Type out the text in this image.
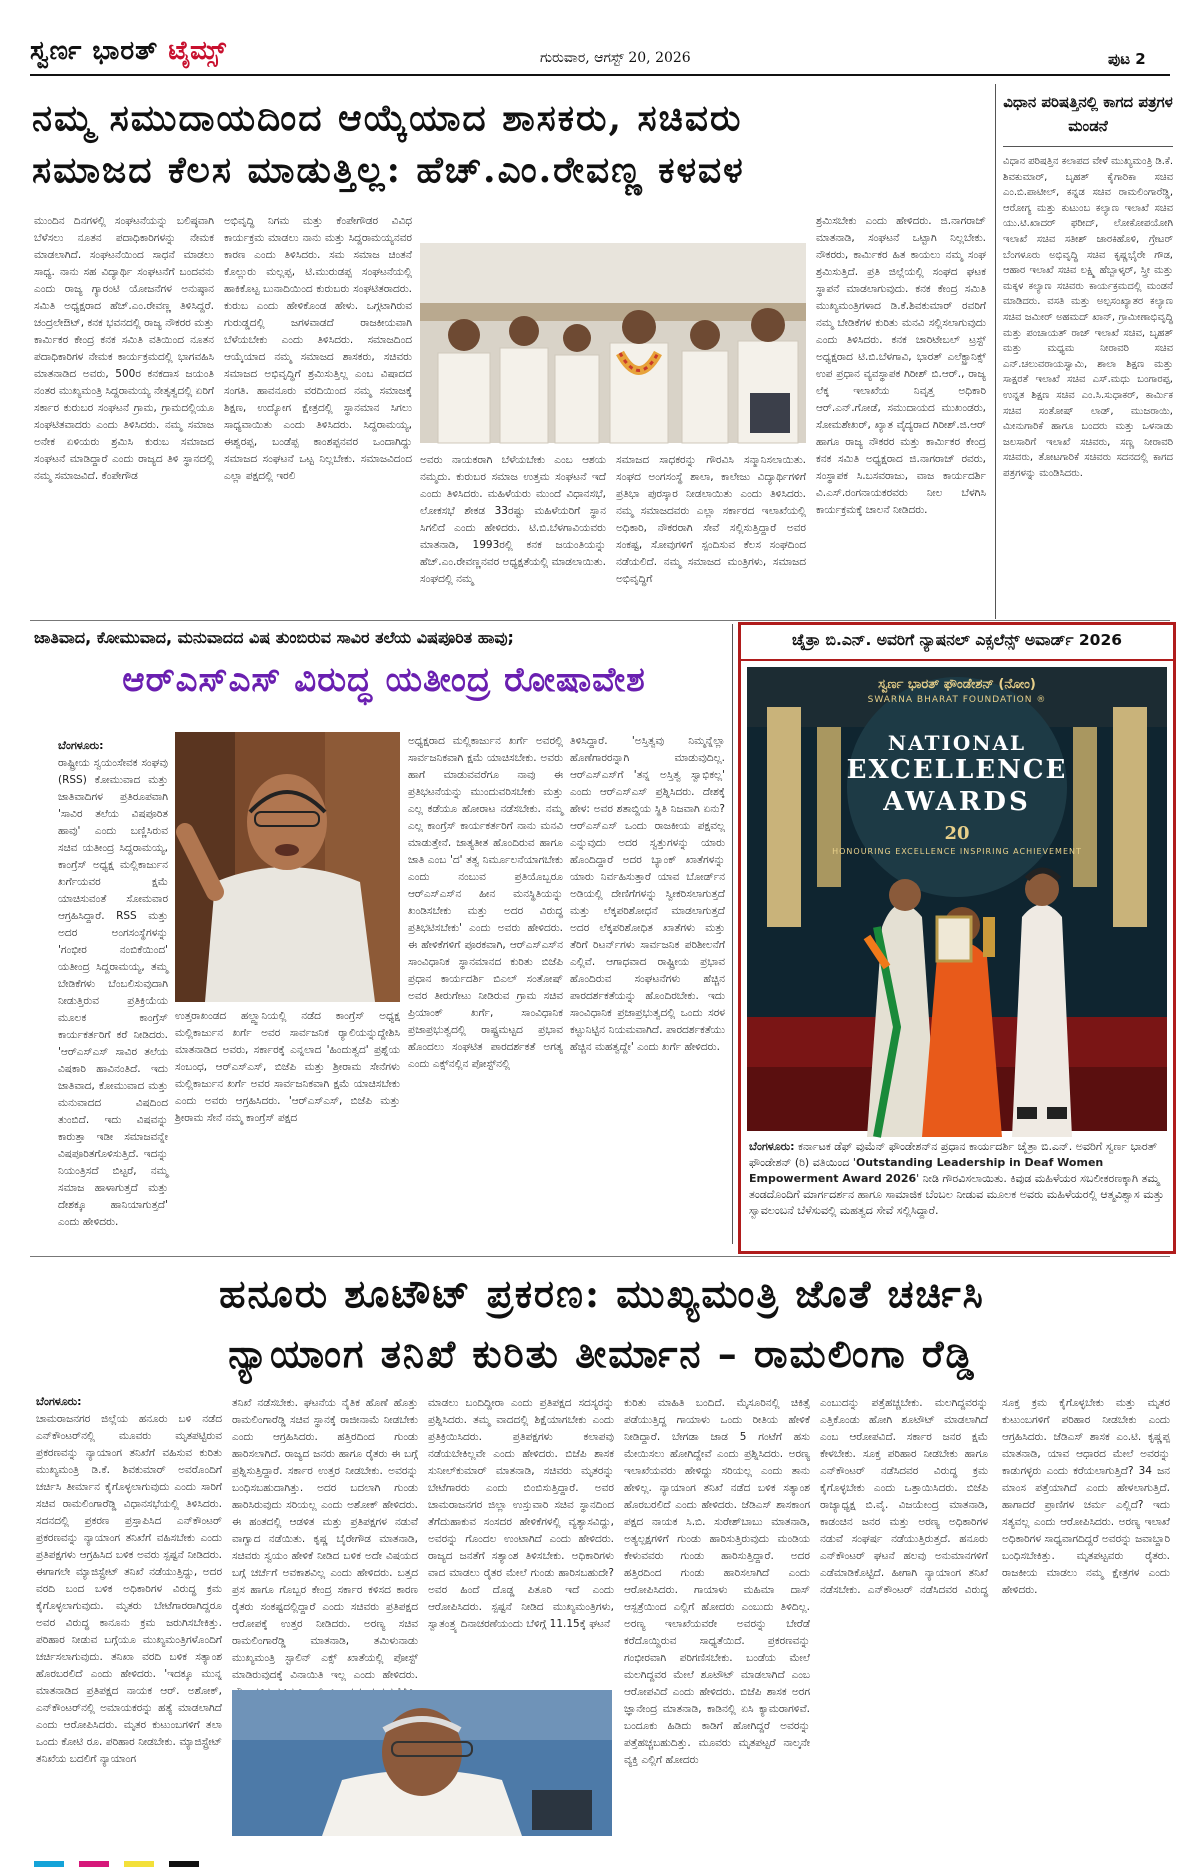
ಸ್ವರ್ಣ ಭಾರತ್ ಟೈಮ್ಸ್	ಗುರುವಾರ, ಆಗಸ್ಟ್ 20, 2026	ಪುಟ 2
ನಮ್ಮ ಸಮುದಾಯದಿಂದ ಆಯ್ಕೆಯಾದ ಶಾಸಕರು, ಸಚಿವರು
ಸಮಾಜದ ಕೆಲಸ ಮಾಡುತ್ತಿಲ್ಲ: ಹೆಚ್.ಎಂ.ರೇವಣ್ಣ ಕಳವಳ
ವಿಧಾನ ಪರಿಷತ್ತಿನಲ್ಲಿ ಕಾಗದ ಪತ್ರಗಳ ಮಂಡನೆ
ವಿಧಾನ ಪರಿಷತ್ತಿನ ಕಲಾಪದ ವೇಳೆ ಮುಖ್ಯಮಂತ್ರಿ ಡಿ.ಕೆ. ಶಿವಕುಮಾರ್, ಬೃಹತ್ ಕೈಗಾರಿಕಾ ಸಚಿವ ಎಂ.ಬಿ.ಪಾಟೀಲ್, ಕನ್ನಡ ಸಚಿವ ರಾಮಲಿಂಗಾರೆಡ್ಡಿ, ಆರೋಗ್ಯ ಮತ್ತು ಕುಟುಂಬ ಕಲ್ಯಾಣ ಇಲಾಖೆ ಸಚಿವ ಯು.ಟಿ.ಖಾದರ್ ಫರೀದ್, ಲೋಕೋಪಯೋಗಿ ಇಲಾಖೆ ಸಚಿವ ಸತೀಶ್ ಜಾರಕಿಹೊಳಿ, ಗ್ರೇಟರ್ ಬೆಂಗಳೂರು ಅಭಿವೃದ್ಧಿ ಸಚಿವ ಕೃಷ್ಣಭೈರೇ ಗೌಡ, ಆಹಾರ ಇಲಾಖೆ ಸಚಿವ ಲಕ್ಷ್ಮಿ ಹೆಬ್ಬಾಳ್ಕರ್, ಸ್ತ್ರೀ ಮತ್ತು ಮಕ್ಕಳ ಕಲ್ಯಾಣ ಸಚಿವರು ಕಾರ್ಯಕ್ರಮದಲ್ಲಿ ಮಂಡನೆ ಮಾಡಿದರು. ವಸತಿ ಮತ್ತು ಅಲ್ಪಸಂಖ್ಯಾತರ ಕಲ್ಯಾಣ ಸಚಿವ ಜಮೀರ್ ಅಹಮದ್ ಖಾನ್, ಗ್ರಾಮೀಣಾಭಿವೃದ್ಧಿ ಮತ್ತು ಪಂಚಾಯತ್ ರಾಜ್ ಇಲಾಖೆ ಸಚಿವ, ಬೃಹತ್ ಮತ್ತು ಮಧ್ಯಮ ನೀರಾವರಿ ಸಚಿವ ಎನ್.ಚಲುವರಾಯಸ್ವಾಮಿ, ಶಾಲಾ ಶಿಕ್ಷಣ ಮತ್ತು ಸಾಕ್ಷರತೆ ಇಲಾಖೆ ಸಚಿವ ಎಸ್.ಮಧು ಬಂಗಾರಪ್ಪ, ಉನ್ನತ ಶಿಕ್ಷಣ ಸಚಿವ ಎಂ.ಸಿ.ಸುಧಾಕರ್, ಕಾರ್ಮಿಕ ಸಚಿವ ಸಂತೋಷ್ ಲಾಡ್, ಮುಜರಾಯಿ, ಮೀನುಗಾರಿಕೆ ಹಾಗೂ ಬಂದರು ಮತ್ತು ಒಳನಾಡು ಜಲಸಾರಿಗೆ ಇಲಾಖೆ ಸಚಿವರು, ಸಣ್ಣ ನೀರಾವರಿ ಸಚಿವರು, ತೋಟಗಾರಿಕೆ ಸಚಿವರು ಸದನದಲ್ಲಿ ಕಾಗದ ಪತ್ರಗಳನ್ನು ಮಂಡಿಸಿದರು.
ಮುಂದಿನ ದಿನಗಳಲ್ಲಿ ಸಂಘಟನೆಯನ್ನು ಬಲಿಷ್ಠವಾಗಿ ಬೆಳೆಸಲು ನೂತನ ಪದಾಧಿಕಾರಿಗಳನ್ನು ನೇಮಕ ಮಾಡಲಾಗಿದೆ. ಸಂಘಟನೆಯಿಂದ ಸಾಧನೆ ಮಾಡಲು ಸಾಧ್ಯ. ನಾನು ಸಹ ವಿದ್ಯಾರ್ಥಿ ಸಂಘಟನೆಗೆ ಬಂದವನು ಎಂದು ರಾಜ್ಯ ಗ್ಯಾರಂಟಿ ಯೋಜನೆಗಳ ಅನುಷ್ಠಾನ ಸಮಿತಿ ಅಧ್ಯಕ್ಷರಾದ ಹೆಚ್.ಎಂ.ರೇವಣ್ಣ ತಿಳಿಸಿದ್ದರೆ. ಚಂದ್ರಲೇಔಟ್, ಕನಕ ಭವನದಲ್ಲಿ ರಾಜ್ಯ ನೌಕರರ ಮತ್ತು ಕಾರ್ಮಿಕರ ಕೇಂದ್ರ ಕನಕ ಸಮಿತಿ ವತಿಯಿಂದ ನೂತನ ಪದಾಧಿಕಾರಿಗಳ ನೇಮಕ ಕಾರ್ಯಕ್ರಮದಲ್ಲಿ ಭಾಗವಹಿಸಿ ಮಾತನಾಡಿದ ಅವರು, 500ರ ಕನಕದಾಸ ಜಯಂತಿ ನಂತರ ಮುಖ್ಯಮಂತ್ರಿ ಸಿದ್ದರಾಮಯ್ಯ ನೇತೃತ್ವದಲ್ಲಿ ಏರಿಗೆ ಸರ್ಕಾರ ಕುರುಬರ ಸಂಘಟನೆ ಗ್ರಾಮ, ಗ್ರಾಮದಲ್ಲಿಯೂ ಸಂಘಟಿತವಾದರು ಎಂದು ತಿಳಿಸಿದರು. ನಮ್ಮ ಸಮಾಜ ಅನೇಕ ಏಳಿಯರು ಶ್ರಮಿಸಿ ಕುರುಬ ಸಮಾಜದ ಸಂಘಟನೆ ಮಾಡಿದ್ದಾರೆ ಎಂದು ರಾಜ್ಯದ ತಿಳಿ ಸ್ಥಾನದಲ್ಲಿ ನಮ್ಮ ಸಮಾಜವಿದೆ. ಕೆಂಪೇಗೌಡ
ಅಭಿವೃದ್ಧಿ ನಿಗಮ ಮತ್ತು ಕೆಂಪೇಗೌಡರ ವಿವಿಧ ಕಾರ್ಯಕ್ರಮ ಮಾಡಲು ನಾನು ಮತ್ತು ಸಿದ್ದರಾಮಯ್ಯನವರ ಕಾರಣ ಎಂದು ತಿಳಿಸಿದರು. ಸಮ ಸಮಾಜ ಚಿಂತನೆ ಕೊಲ್ಲುರು ಮಲ್ಲಪ್ಪ, ಟಿ.ಮುರುಡಪ್ಪ ಸಂಘಟನೆಯಲ್ಲಿ ಹಾಕಿಕೊಟ್ಟ ಬುನಾದಿಯಿಂದ ಕುರುಬರು ಸಂಘಟಿತರಾದರು. ಕುರುಬ ಎಂದು ಹೇಳಿಕೊಂಡ ಹೇಳು. ಒಗ್ಗಟಾಗಿರುವ ಗುರುಡ್ಡದಲ್ಲಿ ಜಗಳವಾಡದೆ ರಾಜಕೀಯವಾಗಿ ಬೆಳೆಯಬೇಕು ಎಂದು ತಿಳಿಸಿದರು. ಸಮಾಜದಿಂದ ಆಯ್ಕೆಯಾದ ನಮ್ಮ ಸಮಾಜದ ಶಾಸಕರು, ಸಚಿವರು ಸಮಾಜದ ಅಭಿವೃದ್ಧಿಗೆ ಶ್ರಮಿಸುತ್ತಿಲ್ಲ ಎಂಬ ವಿಷಾದದ ಸಂಗತಿ. ಹಾವನೂರು ವರದಿಯಿಂದ ನಮ್ಮ ಸಮಾಜಕ್ಕೆ ಶಿಕ್ಷಣ, ಉದ್ಯೋಗ ಕ್ಷೇತ್ರದಲ್ಲಿ ಸ್ಥಾನಮಾನ ಸಿಗಲು ಸಾಧ್ಯವಾಯಿತು ಎಂದು ತಿಳಿಸಿದರು. ಸಿದ್ದರಾಮಯ್ಯ, ಈಶ್ವರಪ್ಪ, ಬಂಡೆಪ್ಪ ಕಾಂಶಪ್ಪನವರ ಒಂದಾಗಿದ್ದು ಸಮಾಜದ ಸಂಘಟನೆ ಒಟ್ಟ ನಿಲ್ಲಬೇಕು. ಸಮಾಜವಿದಂದ ಎಲ್ಲಾ ಪಕ್ಷದಲ್ಲಿ ಇರಲಿ
ಅವರು ನಾಯಕರಾಗಿ ಬೆಳೆಯಬೇಕು ಎಂಬ ಆಶಯ ನಮ್ಮದು. ಕುರುಬರ ಸಮಾಜ ಉತ್ತಮ ಸಂಘಟನೆ ಇದೆ ಎಂದು ತಿಳಿಸಿದರು. ಮಹಿಳೆಯರು ಮುಂದೆ ವಿಧಾನಸಭೆ, ಲೋಕಸಭೆ ಶೇಕಡ 33ರಷ್ಟು ಮಹಿಳೆಯರಿಗೆ ಸ್ಥಾನ ಸಿಗಲಿದೆ ಎಂದು ಹೇಳಿದರು. ಟಿ.ಬಿ.ಬೆಳಗಾವಿಯವರು ಮಾತನಾಡಿ, 1993ರಲ್ಲಿ ಕನಕ ಜಯಂತಿಯನ್ನು ಹೆಚ್.ಎಂ.ರೇವಣ್ಣನವರ ಅಧ್ಯಕ್ಷತೆಯಲ್ಲಿ ಮಾಡಲಾಯಿತು. ಸಂಘದಲ್ಲಿ ನಮ್ಮ
ಸಮಾಜದ ಸಾಧಕರನ್ನು ಗೌರವಿಸಿ ಸನ್ಮಾನಿಸಲಾಯಿತು. ಸಂಘದ ಅಂಗಸಂಸ್ಥೆ ಶಾಲಾ, ಕಾಲೇಜು ವಿದ್ಯಾರ್ಥಿಗಳಿಗೆ ಪ್ರತಿಭಾ ಪುರಸ್ಕಾರ ನೀಡಲಾಯಿತು ಎಂದು ತಿಳಿಸಿದರು. ನಮ್ಮ ಸಮಾಜದವರು ಎಲ್ಲಾ ಸರ್ಕಾರದ ಇಲಾಖೆಯಲ್ಲಿ ಅಧಿಕಾರಿ, ನೌಕರರಾಗಿ ಸೇವೆ ಸಲ್ಲಿಸುತ್ತಿದ್ದಾರೆ ಅವರ ಸಂಕಷ್ಟ, ಸೋವುಗಳಿಗೆ ಸ್ಪಂದಿಸುವ ಕೆಲಸ ಸಂಘದಿಂದ ನಡೆಯಲಿದೆ. ನಮ್ಮ ಸಮಾಜದ ಮಂತ್ರಿಗಳು, ಸಮಾಜದ ಅಭಿವೃದ್ಧಿಗೆ
ಶ್ರಮಿಸಬೇಕು ಎಂದು ಹೇಳಿದರು. ಜಿ.ನಾಗರಾಜ್ ಮಾತನಾಡಿ, ಸಂಘಟನೆ ಒಟ್ಟಾಗಿ ನಿಲ್ಲಬೇಕು. ನೌಕರರು, ಕಾರ್ಮಿಕರ ಹಿತ ಕಾಯಲು ನಮ್ಮ ಸಂಘ ಶ್ರಮಿಸುತ್ತಿದೆ. ಪ್ರತಿ ಜಿಲ್ಲೆಯಲ್ಲಿ ಸಂಘದ ಘಟಕ ಸ್ಥಾಪನೆ ಮಾಡಲಾಗುವುದು. ಕನಕ ಕೇಂದ್ರ ಸಮಿತಿ ಮುಖ್ಯಮಂತ್ರಿಗಳಾದ ಡಿ.ಕೆ.ಶಿವಕುಮಾರ್ ರವರಿಗೆ ನಮ್ಮ ಬೇಡಿಕೆಗಳ ಕುರಿತು ಮನವಿ ಸಲ್ಲಿಸಲಾಗುವುದು ಎಂದು ತಿಳಿಸಿದರು. ಕನಕ ಚಾರಿಟೇಬಲ್ ಟ್ರಸ್ಟ್ ಅಧ್ಯಕ್ಷರಾದ ಟಿ.ಬಿ.ಬೆಳಗಾವಿ, ಭಾರತ್ ಎಲೆಕ್ಟ್ರಾನಿಕ್ಸ್ ಉಪ ಪ್ರಧಾನ ವ್ಯವಸ್ಥಾಪಕ ಗಿರೀಶ್ ಬಿ.ಆರ್., ರಾಜ್ಯ ಲೆಕ್ಕ ಇಲಾಖೆಯ ನಿವೃತ್ತ ಅಧಿಕಾರಿ ಆರ್.ಎನ್.ಗೋಡೆ, ಸಮುದಾಯದ ಮುಖಂಡರು, ಸೋಮಶೇಖರ್, ಖ್ಯಾತ ವೈದ್ಯರಾದ ಗಿರೀಶ್.ಜಿ.ಆರ್ ಹಾಗೂ ರಾಜ್ಯ ನೌಕರರ ಮತ್ತು ಕಾರ್ಮಿಕರ ಕೇಂದ್ರ ಕನಕ ಸಮಿತಿ ಅಧ್ಯಕ್ಷರಾದ ಜಿ.ನಾಗರಾಜ್ ರವರು, ಸಂಸ್ಥಾಪಕ ಸಿ.ಬಸವರಾಜು, ವಾಜ ಕಾರ್ಯದರ್ಶಿ ವಿ.ಎಸ್.ರಂಗನಾಯಕರವರು ನೀಲ ಬೆಳಗಿಸಿ ಕಾರ್ಯಕ್ರಮಕ್ಕೆ ಚಾಲನೆ ನೀಡಿದರು.
ಜಾತಿವಾದ, ಕೋಮುವಾದ, ಮನುವಾದದ ವಿಷ ತುಂಬಿರುವ ಸಾವಿರ ತಲೆಯ ವಿಷಪೂರಿತ ಹಾವು;
ಆರ್‌ಎಸ್‌ಎಸ್ ವಿರುದ್ಧ ಯತೀಂದ್ರ ರೋಷಾವೇಶ
ಬೆಂಗಳೂರು:
ರಾಷ್ಟ್ರೀಯ ಸ್ವಯಂಸೇವಕ ಸಂಘವು (RSS) ಕೋಮುವಾದ ಮತ್ತು ಜಾತಿವಾದಿಗಳ ಪ್ರತಿರೂಪವಾಗಿ 'ಸಾವಿರ ತಲೆಯ ವಿಷಪೂರಿತ ಹಾವು' ಎಂದು ಬಣ್ಣಿಸಿರುವ ಸಚಿವ ಯತೀಂದ್ರ ಸಿದ್ದರಾಮಯ್ಯ, ಕಾಂಗ್ರೆಸ್ ಅಧ್ಯಕ್ಷ ಮಲ್ಲಿಕಾರ್ಜುನ ಖರ್ಗೆಯವರ ಕ್ಷಮೆ ಯಾಚಿಸುವಂತೆ ಸೋಮವಾರ ಆಗ್ರಹಿಸಿದ್ದಾರೆ. RSS ಮತ್ತು ಅದರ ಅಂಗಸಂಸ್ಥೆಗಳನ್ನು 'ಗಂಭೀರ ನಂಬಿಕೆಯಿಂದ' ಯತೀಂದ್ರ ಸಿದ್ದರಾಮಯ್ಯ, ತಮ್ಮ ಬೇಡಿಕೆಗಳು ಬೆಂಬಲಿಸುವುದಾಗಿ ನೀಡುತ್ತಿರುವ ಪ್ರತಿಕ್ರಿಯೆಯ ಮೂಲಕ ಕಾಂಗ್ರೆಸ್ ಕಾರ್ಯಕರ್ತರಿಗೆ ಕರೆ ನೀಡಿದರು. 'ಆರ್‌ಎಸ್‌ಎಸ್ ಸಾವಿರ ತಲೆಯ ವಿಷಕಾರಿ ಹಾವಿನಂತಿದೆ. ಇದು ಜಾತಿವಾದ, ಕೋಮುವಾದ ಮತ್ತು ಮನುವಾದದ ವಿಷದಿಂದ ತುಂಬಿದೆ. ಇದು ವಿಷವನ್ನು ಕಾರುತ್ತಾ ಇಡೀ ಸಮಾಜವನ್ನೇ ವಿಷಪೂರಿತಗೊಳಿಸುತ್ತಿದೆ. ಇದನ್ನು ನಿಯಂತ್ರಿಸದೆ ಬಿಟ್ಟರೆ, ನಮ್ಮ ಸಮಾಜ ಹಾಳಾಗುತ್ತದೆ ಮತ್ತು ದೇಶಕ್ಕೂ ಹಾನಿಯಾಗುತ್ತದೆ' ಎಂದು ಹೇಳಿದರು.
ಉತ್ತರಾಖಂಡದ ಹಲ್ದ್ವಾನಿಯಲ್ಲಿ ನಡೆದ ಕಾಂಗ್ರೆಸ್ ಅಧ್ಯಕ್ಷ ಮಲ್ಲಿಕಾರ್ಜುನ ಖರ್ಗೆ ಅವರ ಸಾರ್ವಜನಿಕ ರ‍್ಯಾಲಿಯನ್ನುದ್ದೇಶಿಸಿ ಮಾತನಾಡಿದ ಅವರು, ಸರ್ಕಾರಕ್ಕೆ ಎನ್ನಲಾದ 'ಹಿಂದುತ್ವದ' ಪ್ರಶ್ನೆಯ ಸಂಬಂಧ, ಆರ್‌ಎಸ್‌ಎಸ್, ಬಿಜೆಪಿ ಮತ್ತು ಶ್ರೀರಾಮ ಸೇನೆಗಳು ಮಲ್ಲಿಕಾರ್ಜುನ ಖರ್ಗೆ ಅವರ ಸಾರ್ವಜನಿಕವಾಗಿ ಕ್ಷಮೆ ಯಾಚಿಸಬೇಕು ಎಂದು ಅವರು ಆಗ್ರಹಿಸಿದರು. 'ಆರ್‌ಎಸ್‌ಎಸ್, ಬಿಜೆಪಿ ಮತ್ತು ಶ್ರೀರಾಮ ಸೇನೆ ನಮ್ಮ ಕಾಂಗ್ರೆಸ್ ಪಕ್ಷದ
ಅಧ್ಯಕ್ಷರಾದ ಮಲ್ಲಿಕಾರ್ಜುನ ಖರ್ಗೆ ಅವರಲ್ಲಿ ಸಾರ್ವಜನಿಕವಾಗಿ ಕ್ಷಮೆ ಯಾಚಿಸಬೇಕು. ಅವರು ಹಾಗೆ ಮಾಡುವವರೆಗೂ ನಾವು ಈ ಪ್ರತಿಭಟನೆಯನ್ನು ಮುಂದುವರಿಸಬೇಕು ಮತ್ತು ಎಲ್ಲ ಕಡೆಯೂ ಹೋರಾಟ ನಡೆಸಬೇಕು. ನಮ್ಮ ಎಲ್ಲ ಕಾಂಗ್ರೆಸ್ ಕಾರ್ಯಕರ್ತರಿಗೆ ನಾನು ಮನವಿ ಮಾಡುತ್ತೇನೆ. ಜಾತ್ಯತೀತ ಹೊಂದಿರುವ ಹಾಗೂ ಜಾತಿ ಎಂಬ 'ದ' ತತ್ವ ನಿರ್ಮೂಲನೆಯಾಗಬೇಕು ಎಂದು ನಂಬುವ ಪ್ರತಿಯೊಬ್ಬರೂ ಆರ್‌ಎಸ್‌ಎಸ್‌ನ ಹೀನ ಮನಸ್ಥಿತಿಯನ್ನು ಖಂಡಿಸಬೇಕು ಮತ್ತು ಅದರ ವಿರುದ್ಧ ಪ್ರತಿಭಟಿಸಬೇಕು' ಎಂದು ಅವರು ಹೇಳಿದರು. ಈ ಹೇಳಿಕೆಗಳಿಗೆ ಪೂರಕವಾಗಿ, ಆರ್‌ಎಸ್‌ಎಸ್‌ನ ಸಾಂವಿಧಾನಿಕ ಸ್ಥಾನಮಾನದ ಕುರಿತು ಬಿಜೆಪಿ ಪ್ರಧಾನ ಕಾರ್ಯದರ್ಶಿ ಬಿಎಲ್ ಸಂತೋಷ್ ಅವರ ತೀರುಗೇಟು ನೀಡಿರುವ ಗ್ರಾಮ ಸಚಿವ ಪ್ರಿಯಾಂಕ್ ಖರ್ಗೆ, ಸಾಂವಿಧಾನಿಕ ಪ್ರಜಾಪ್ರಭುತ್ವದಲ್ಲಿ ರಾಷ್ಟ್ರಮಟ್ಟದ ಪ್ರಭಾವ ಹೊಂದಲು ಸಂಘಟಿತ ಪಾರದರ್ಶಕತೆ ಅಗತ್ಯ ಎಂದು ಎಕ್ಸ್‌ನಲ್ಲಿನ ಪೋಸ್ಟ್‌ನಲ್ಲಿ
ತಿಳಿಸಿದ್ದಾರೆ. 'ಅಸ್ತಿತ್ವವು ನಿಮ್ಮನ್ನೆಲ್ಲಾ ಹೊಣೆಗಾರರನ್ನಾಗಿ ಮಾಡುವುದಿಲ್ಲ. ಆರ್‌ಎಸ್‌ಎಸ್‌ಗೆ 'ತನ್ನ ಅಸ್ತಿತ್ವ ಸ್ವಾಭಿಕಲ್ಲ' ಎಂದು ಆರ್‌ಎಸ್‌ಎಸ್ ಪ್ರಶ್ನಿಸಿದರು. ದೇಶಕ್ಕೆ ಹೇಳ: ಅವರ ಶತಾಬ್ದಿಯ ಸ್ಥಿತಿ ನಿಜವಾಗಿ ಏನು? ಆರ್‌ಎಸ್‌ಎಸ್ ಒಂದು ರಾಜಕೀಯ ಪಕ್ಷವಲ್ಲ ಎನ್ನುವುದು ಅದರ ಸ್ವತ್ತುಗಳನ್ನು ಯಾರು ಹೊಂದಿದ್ದಾರೆ ಅದರ ಬ್ಯಾಂಕ್ ಖಾತೆಗಳನ್ನು ಯಾರು ನಿರ್ವಹಿಸುತ್ತಾರೆ ಯಾವ ಬೋರ್ಡ್‌ನ ಅಡಿಯಲ್ಲಿ ದೇಣಿಗೆಗಳನ್ನು ಸ್ವೀಕರಿಸಲಾಗುತ್ತದೆ ಮತ್ತು ಲೆಕ್ಕಪರಿಶೋಧನೆ ಮಾಡಲಾಗುತ್ತದೆ ಅದರ ಲೆಕ್ಕಪರಿಶೋಧಿತ ಖಾತೆಗಳು ಮತ್ತು ತೆರಿಗೆ ರಿಟರ್ನ್‌ಗಳು ಸಾರ್ವಜನಿಕ ಪರಿಶೀಲನೆಗೆ ಎಲ್ಲಿವೆ. ಆಗಾಧವಾದ ರಾಷ್ಟ್ರೀಯ ಪ್ರಭಾವ ಹೊಂದಿರುವ ಸಂಘಟನೆಗಳು ಹೆಚ್ಚಿನ ಪಾರದರ್ಶಕತೆಯನ್ನು ಹೊಂದಿರಬೇಕು. ಇದು ಸಾಂವಿಧಾನಿಕ ಪ್ರಜಾಪ್ರಭುತ್ವದಲ್ಲಿ ಒಂದು ಸರಳ ಕಟ್ಟುನಿಟ್ಟಿನ ನಿಯಮವಾಗಿದೆ. ಪಾರದರ್ಶಕತೆಯು ಹೆಚ್ಚಿನ ಮಹತ್ವದ್ದೇ' ಎಂದು ಖರ್ಗೆ ಹೇಳಿದರು.
ಚೈತ್ರಾ ಬಿ.ಎನ್. ಅವರಿಗೆ ನ್ಯಾಷನಲ್ ಎಕ್ಸಲೆನ್ಸ್ ಅವಾರ್ಡ್ 2026
ಸ್ವರ್ಣ ಭಾರತ್ ಫೌಂಡೇಶನ್ (ನೋಂ)
SWARNA BHARAT FOUNDATION ®
NATIONAL
EXCELLENCE
AWARDS
20
HONOURING EXCELLENCE INSPIRING ACHIEVEMENT
ಬೆಂಗಳೂರು: ಕರ್ನಾಟಕ ಡೆಫ್ ವುಮೆನ್ ಫೌಂಡೇಶನ್‌ನ ಪ್ರಧಾನ ಕಾರ್ಯದರ್ಶಿ ಚೈತ್ರಾ ಬಿ.ಎನ್. ಅವರಿಗೆ ಸ್ವರ್ಣ ಭಾರತ್ ಫೌಂಡೇಶನ್ (ರಿ) ವತಿಯಿಂದ 'Outstanding Leadership in Deaf Women Empowerment Award 2026' ನೀಡಿ ಗೌರವಿಸಲಾಯಿತು. ಕಿವುಡ ಮಹಿಳೆಯರ ಸಬಲೀಕರಣಕ್ಕಾಗಿ ತಮ್ಮ ತಂಡದೊಂದಿಗೆ ಮಾರ್ಗದರ್ಶನ ಹಾಗೂ ಸಾಮಾಜಿಕ ಬೆಂಬಲ ನೀಡುವ ಮೂಲಕ ಅವರು ಮಹಿಳೆಯರಲ್ಲಿ ಆತ್ಮವಿಶ್ವಾಸ ಮತ್ತು ಸ್ವಾವಲಂಬನೆ ಬೆಳೆಸುವಲ್ಲಿ ಮಹತ್ವದ ಸೇವೆ ಸಲ್ಲಿಸಿದ್ದಾರೆ.
ಹನೂರು ಶೂಟೌಟ್ ಪ್ರಕರಣ: ಮುಖ್ಯಮಂತ್ರಿ ಜೊತೆ ಚರ್ಚಿಸಿ
ನ್ಯಾಯಾಂಗ ತನಿಖೆ ಕುರಿತು ತೀರ್ಮಾನ – ರಾಮಲಿಂಗಾ ರೆಡ್ಡಿ
ಬೆಂಗಳೂರು:
ಚಾಮರಾಜನಗರ ಜಿಲ್ಲೆಯ ಹನೂರು ಬಳಿ ನಡೆದ ಎನ್‌ಕೌಂಟರ್‌ನಲ್ಲಿ ಮೂವರು ಮೃತಪಟ್ಟಿರುವ ಪ್ರಕರಣವನ್ನು ನ್ಯಾಯಾಂಗ ತನಿಖೆಗೆ ವಹಿಸುವ ಕುರಿತು ಮುಖ್ಯಮಂತ್ರಿ ಡಿ.ಕೆ. ಶಿವಕುಮಾರ್ ಅವರೊಂದಿಗೆ ಚರ್ಚಿಸಿ ತೀರ್ಮಾನ ಕೈಗೊಳ್ಳಲಾಗುವುದು ಎಂದು ಸಾರಿಗೆ ಸಚಿವ ರಾಮಲಿಂಗಾರೆಡ್ಡಿ ವಿಧಾನಸಭೆಯಲ್ಲಿ ತಿಳಿಸಿದರು. ಸದನದಲ್ಲಿ ಪ್ರಕರಣ ಪ್ರಸ್ತಾಪಿಸಿದ ಎನ್‌ಕೌಂಟರ್ ಪ್ರಕರಣವನ್ನು ನ್ಯಾಯಾಂಗ ತನಿಖೆಗೆ ವಹಿಸಬೇಕು ಎಂದು ಪ್ರತಿಪಕ್ಷಗಳು ಆಗ್ರಹಿಸಿದ ಬಳಿಕ ಅವರು ಸ್ಪಷ್ಟನೆ ನೀಡಿದರು. ಈಗಾಗಲೇ ಮ್ಯಾಜಿಸ್ಟ್ರೇಟ್ ತನಿಖೆ ನಡೆಯುತ್ತಿದ್ದು, ಅದರ ವರದಿ ಬಂದ ಬಳಿಕ ಅಧಿಕಾರಿಗಳ ವಿರುದ್ಧ ಕ್ರಮ ಕೈಗೊಳ್ಳಲಾಗುವುದು. ಮೃತರು ಬೇಟೆಗಾರರಾಗಿದ್ದರೂ ಅವರ ವಿರುದ್ಧ ಕಾನೂನು ಕ್ರಮ ಜರುಗಿಸಬೇಕಿತ್ತು. ಪರಿಹಾರ ನೀಡುವ ಬಗ್ಗೆಯೂ ಮುಖ್ಯಮಂತ್ರಿಗಳೊಂದಿಗೆ ಚರ್ಚಿಸಲಾಗುವುದು. ತನಿಖಾ ವರದಿ ಬಳಿಕ ಸತ್ಯಾಂಶ ಹೊರಬರಲಿದೆ ಎಂದು ಹೇಳಿದರು. 'ಇದಕ್ಕೂ ಮುನ್ನ ಮಾತನಾಡಿದ ಪ್ರತಿಪಕ್ಷದ ನಾಯಕ ಆರ್. ಅಶೋಕ್, ಎನ್‌ಕೌಂಟರ್‌ನಲ್ಲಿ ಅಮಾಯಕರನ್ನು ಹತ್ಯೆ ಮಾಡಲಾಗಿದೆ ಎಂದು ಆರೋಪಿಸಿದರು. ಮೃತರ ಕುಟುಂಬಗಳಿಗೆ ತಲಾ ಒಂದು ಕೋಟಿ ರೂ. ಪರಿಹಾರ ನೀಡಬೇಕು. ಮ್ಯಾಜಿಸ್ಟ್ರೇಟ್ ತನಿಖೆಯ ಬದಲಿಗೆ ನ್ಯಾಯಾಂಗ
ತನಿಖೆ ನಡೆಸಬೇಕು. ಘಟನೆಯ ನೈತಿಕ ಹೊಣೆ ಹೊತ್ತು ರಾಮಲಿಂಗಾರೆಡ್ಡಿ ಸಚಿವ ಸ್ಥಾನಕ್ಕೆ ರಾಜೀನಾಮೆ ನೀಡಬೇಕು ಎಂದು ಆಗ್ರಹಿಸಿದರು. ಹತ್ತಿರದಿಂದ ಗುಂಡು ಹಾರಿಸಲಾಗಿದೆ. ರಾಜ್ಯದ ಜನರು ಹಾಗೂ ರೈತರು ಈ ಬಗ್ಗೆ ಪ್ರಶ್ನಿಸುತ್ತಿದ್ದಾರೆ. ಸರ್ಕಾರ ಉತ್ತರ ನೀಡಬೇಕು. ಅವರನ್ನು ಬಂಧಿಸಬಹುದಾಗಿತ್ತು. ಅದರ ಬದಲಾಗಿ ಗುಂಡು ಹಾರಿಸಿರುವುದು ಸರಿಯಲ್ಲ ಎಂದು ಅಶೋಕ್ ಹೇಳಿದರು. ಈ ಹಂತದಲ್ಲಿ ಆಡಳಿತ ಮತ್ತು ಪ್ರತಿಪಕ್ಷಗಳ ನಡುವೆ ವಾಗ್ವಾದ ನಡೆಯಿತು. ಕೃಷ್ಣ ಬೈರೇಗೌಡ ಮಾತನಾಡಿ, ಸಚಿವರು ಸ್ವಯಂ ಹೇಳಿಕೆ ನೀಡಿದ ಬಳಿಕ ಅದೇ ವಿಷಯದ ಬಗ್ಗೆ ಚರ್ಚೆಗೆ ಅವಕಾಶವಿಲ್ಲ ಎಂದು ಹೇಳಿದರು. ಬತ್ತದ ಪ್ರಸ ಹಾಗೂ ಗೊಬ್ಬರ ಕೇಂದ್ರ ಸರ್ಕಾರ ಕಳಿಸದ ಕಾರಣ ರೈತರು ಸಂಕಷ್ಟದಲ್ಲಿದ್ದಾರೆ ಎಂದು ಸಚಿವರು ಪ್ರತಿಪಕ್ಷದ ಆರೋಪಕ್ಕೆ ಉತ್ತರ ನೀಡಿದರು. ಅರಣ್ಯ ಸಚಿವ ರಾಮಲಿಂಗಾರೆಡ್ಡಿ ಮಾತನಾಡಿ, ತಮಿಳುನಾಡು ಮುಖ್ಯಮಂತ್ರಿ ಸ್ಟಾಲಿನ್ ಎಕ್ಸ್ ಖಾತೆಯಲ್ಲಿ ಪೋಸ್ಟ್ ಮಾಡಿರುವುದಕ್ಕೆ ವಿನಾಯಿತಿ ಇಲ್ಲ ಎಂದು ಹೇಳಿದರು.
ಮಾಡಲು ಬಂದಿದ್ದೀರಾ ಎಂದು ಪ್ರತಿಪಕ್ಷದ ಸದಸ್ಯರನ್ನು ಪ್ರಶ್ನಿಸಿದರು. ತಮ್ಮ ವಾದದಲ್ಲಿ ಶಿಕ್ಷೆಯಾಗಬೇಕು ಎಂದು ಪ್ರತಿಕ್ರಿಯಿಸಿದರು. ಪ್ರತಿಪಕ್ಷಗಳು ಕಲಾಪವು ನಡೆಯಬೇಕಿಲ್ಲವೇ ಎಂದು ಹೇಳಿದರು. ಬಿಜೆಪಿ ಶಾಸಕ ಸುನೀಲ್‌ಕುಮಾರ್ ಮಾತನಾಡಿ, ಸಚಿವರು ಮೃತರನ್ನು ಬೇಟೆಗಾರರು ಎಂದು ಬಿಂಬಿಸುತ್ತಿದ್ದಾರೆ. ಅವರ ಚಾಮರಾಜನಗರ ಜಿಲ್ಲಾ ಉಸ್ತುವಾರಿ ಸಚಿವ ಸ್ಥಾನದಿಂದ ತೆಗೆದುಹಾಕುವ ಸಂಸದರ ಹೇಳಿಕೆಗಳಲ್ಲಿ ವ್ಯತ್ಯಾಸವಿದ್ದು, ಅವರನ್ನು ಗೊಂದಲ ಉಂಟಾಗಿದೆ ಎಂದು ಹೇಳಿದರು. ರಾಜ್ಯದ ಜನತೆಗೆ ಸತ್ಯಾಂಶ ತಿಳಿಸಬೇಕು. ಅಧಿಕಾರಿಗಳು ವಾದ ಮಾಡಲು ರೈತರ ಮೇಲೆ ಗುಂಡು ಹಾರಿಸಬಹುದೇ? ಅವರ ಹಿಂದೆ ದೊಡ್ಡ ಪಿತೂರಿ ಇದೆ ಎಂದು ಆರೋಪಿಸಿದರು. ಸ್ಪಷ್ಟನೆ ನೀಡಿದ ಮುಖ್ಯಮಂತ್ರಿಗಳು, ಸ್ವಾತಂತ್ರ್ಯ ದಿನಾಚರಣೆಯಂದು ಬೆಳಿಗ್ಗೆ 11.15ಕ್ಕೆ ಘಟನೆ
ಕುರಿತು ಮಾಹಿತಿ ಬಂದಿದೆ. ಮೈಸೂರಿನಲ್ಲಿ ಚಿಕಿತ್ಸೆ ಪಡೆಯುತ್ತಿದ್ದ ಗಾಯಾಳು ಒಂದು ರೀತಿಯ ಹೇಳಿಕೆ ನೀಡಿದ್ದಾರೆ. ಬೇಗಡಾ ಜಾಡ 5 ಗಂಟೆಗೆ ಹಸು ಮೇಯಿಸಲು ಹೋಗಿದ್ದೇವೆ ಎಂದು ಪ್ರಶ್ನಿಸಿದರು. ಅರಣ್ಯ ಇಲಾಖೆಯವರು ಹೇಳಿದ್ದು ಸರಿಯಲ್ಲ ಎಂದು ತಾನು ಹೇಳಿಲ್ಲ. ನ್ಯಾಯಾಂಗ ತನಿಖೆ ನಡೆದ ಬಳಿಕ ಸತ್ಯಾಂಶ ಹೊರಬರಲಿದೆ ಎಂದು ಹೇಳಿದರು. ಜೆಡಿಎಸ್ ಶಾಸಕಾಂಗ ಪಕ್ಷದ ನಾಯಕ ಸಿ.ಬಿ. ಸುರೇಶ್‌ಬಾಬು ಮಾತನಾಡಿ, ಅತ್ಯಲ್ಪಕ್ಷಗಳಿಗೆ ಗುಂಡು ಹಾರಿಸುತ್ತಿರುವುದು ಮಂಡಿಯ ಕೇಳುವವರು ಗುಂಡು ಹಾರಿಸುತ್ತಿದ್ದಾರೆ. ಅದರ ಹತ್ತಿರದಿಂದ ಗುಂಡು ಹಾರಿಸಲಾಗಿದೆ ಎಂದು ಆರೋಪಿಸಿದರು. ಗಾಯಾಳು ಮಹಿಮಾ ದಾಸ್ ಆಸ್ಪತ್ರೆಯಿಂದ ಎಲ್ಲಿಗೆ ಹೋದರು ಎಂಬುದು ತಿಳಿದಿಲ್ಲ. ಅರಣ್ಯ ಇಲಾಖೆಯವರೇ ಅವರನ್ನು ಬೇರೆಡೆ ಕರೆದೊಯ್ದಿರುವ ಸಾಧ್ಯತೆಯಿದೆ. ಪ್ರಕರಣವನ್ನು ಗಂಭೀರವಾಗಿ ಪರಿಗಣಿಸಬೇಕು. ಬಂಡೆಯ ಮೇಲೆ ಮಲಗಿದ್ದವರ ಮೇಲೆ ಶೂಟೌಟ್ ಮಾಡಲಾಗಿದೆ ಎಂಬ ಆರೋಪವಿದೆ ಎಂದು ಹೇಳಿದರು. ಬಿಜೆಪಿ ಶಾಸಕ ಅರಗ ಜ್ಞಾನೇಂದ್ರ ಮಾತನಾಡಿ, ಕಾಡಿನಲ್ಲಿ ಏಸಿ ಕ್ಯಾಮರಾಗಳಿವೆ. ಬಂದೂಕು ಹಿಡಿದು ಕಾಡಿಗೆ ಹೋಗಿದ್ದರೆ ಅವರನ್ನು ಪತ್ತೆಹಚ್ಚಬಹುದಿತ್ತು. ಮೂವರು ಮೃತಪಟ್ಟರೆ ನಾಲ್ಕನೇ ವ್ಯಕ್ತಿ ಎಲ್ಲಿಗೆ ಹೋದರು
ಎಂಬುದನ್ನು ಪತ್ತೆಹಚ್ಚಬೇಕು. ಮಲಗಿದ್ದವರನ್ನು ಎತ್ತಿಕೊಂಡು ಹೋಗಿ ಶೂಟೌಟ್ ಮಾಡಲಾಗಿದೆ ಎಂಬ ಆರೋಪವಿದೆ. ಸರ್ಕಾರ ಜನರ ಕ್ಷಮೆ ಕೇಳಬೇಕು. ಸೂಕ್ತ ಪರಿಹಾರ ನೀಡಬೇಕು ಹಾಗೂ ಎನ್‌ಕೌಂಟರ್ ನಡೆಸಿದವರ ವಿರುದ್ಧ ಕ್ರಮ ಕೈಗೊಳ್ಳಬೇಕು ಎಂದು ಒತ್ತಾಯಿಸಿದರು. ಬಿಜೆಪಿ ರಾಜ್ಯಾಧ್ಯಕ್ಷ ಬಿ.ವೈ. ವಿಜಯೇಂದ್ರ ಮಾತನಾಡಿ, ಕಾಡಂಚಿನ ಜನರ ಮತ್ತು ಅರಣ್ಯ ಅಧಿಕಾರಿಗಳ ನಡುವೆ ಸಂಘರ್ಷ ನಡೆಯುತ್ತಿರುತ್ತದೆ. ಹನೂರು ಎನ್‌ಕೌಂಟರ್ ಘಟನೆ ಹಲವು ಅನುಮಾನಗಳಿಗೆ ಎಡೆಮಾಡಿಕೊಟ್ಟಿದೆ. ಹೀಗಾಗಿ ನ್ಯಾಯಾಂಗ ತನಿಖೆ ನಡೆಸಬೇಕು. ಎನ್‌ಕೌಂಟರ್ ನಡೆಸಿದವರ ವಿರುದ್ಧ ಸೂಕ್ತ ಕ್ರಮ ಕೈಗೊಳ್ಳಬೇಕು ಮತ್ತು ಮೃತರ ಕುಟುಂಬಗಳಿಗೆ ಪರಿಹಾರ ನೀಡಬೇಕು ಎಂದು ಆಗ್ರಹಿಸಿದರು. ಜೆಡಿಎಸ್ ಶಾಸಕ ಎಂ.ಟಿ. ಕೃಷ್ಣಪ್ಪ ಮಾತನಾಡಿ, ಯಾವ ಆಧಾರದ ಮೇಲೆ ಅವರನ್ನು ಕಾಡುಗಳ್ಳರು ಎಂದು ಕರೆಯಲಾಗುತ್ತಿದೆ? 34 ಜನ ಮಾಂಸ ಪತ್ತೆಯಾಗಿದೆ ಎಂದು ಹೇಳಲಾಗುತ್ತಿದೆ. ಹಾಗಾದರೆ ಪ್ರಾಣಿಗಳ ಚರ್ಮ ಎಲ್ಲಿದೆ? ಇದು ಸತ್ಯವಲ್ಲ ಎಂದು ಆರೋಪಿಸಿದರು. ಅರಣ್ಯ ಇಲಾಖೆ ಅಧಿಕಾರಿಗಳ ಸಾಧ್ಯವಾಗದಿದ್ದರೆ ಅವರನ್ನು ಜವಾಬ್ದಾರಿ ಬಂಧಿಸಬೇಕಿತ್ತು. ಮೃತಪಟ್ಟವರು ರೈತರು. ರಾಜಕೀಯ ಮಾಡಲು ನಮ್ಮ ಕ್ಷೇತ್ರಗಳ ಎಂದು ಹೇಳಿದರು.
